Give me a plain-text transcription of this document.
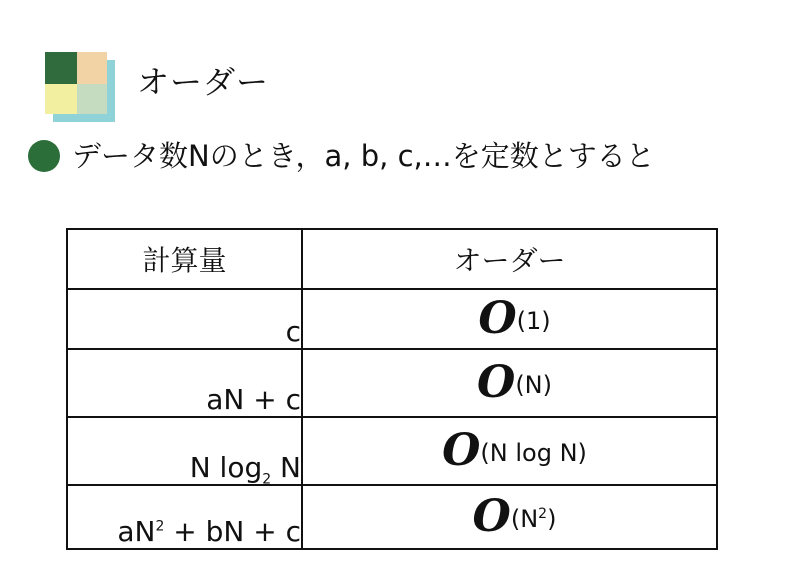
オーダー
データ数Nのとき，a, b, c,…を定数とすると
計算量	オーダー
c	O(1)
aN + c	O(N)
N $\log_2 N$	O(N log N)
$aN^2$ + bN + c	$O(N^2)$
